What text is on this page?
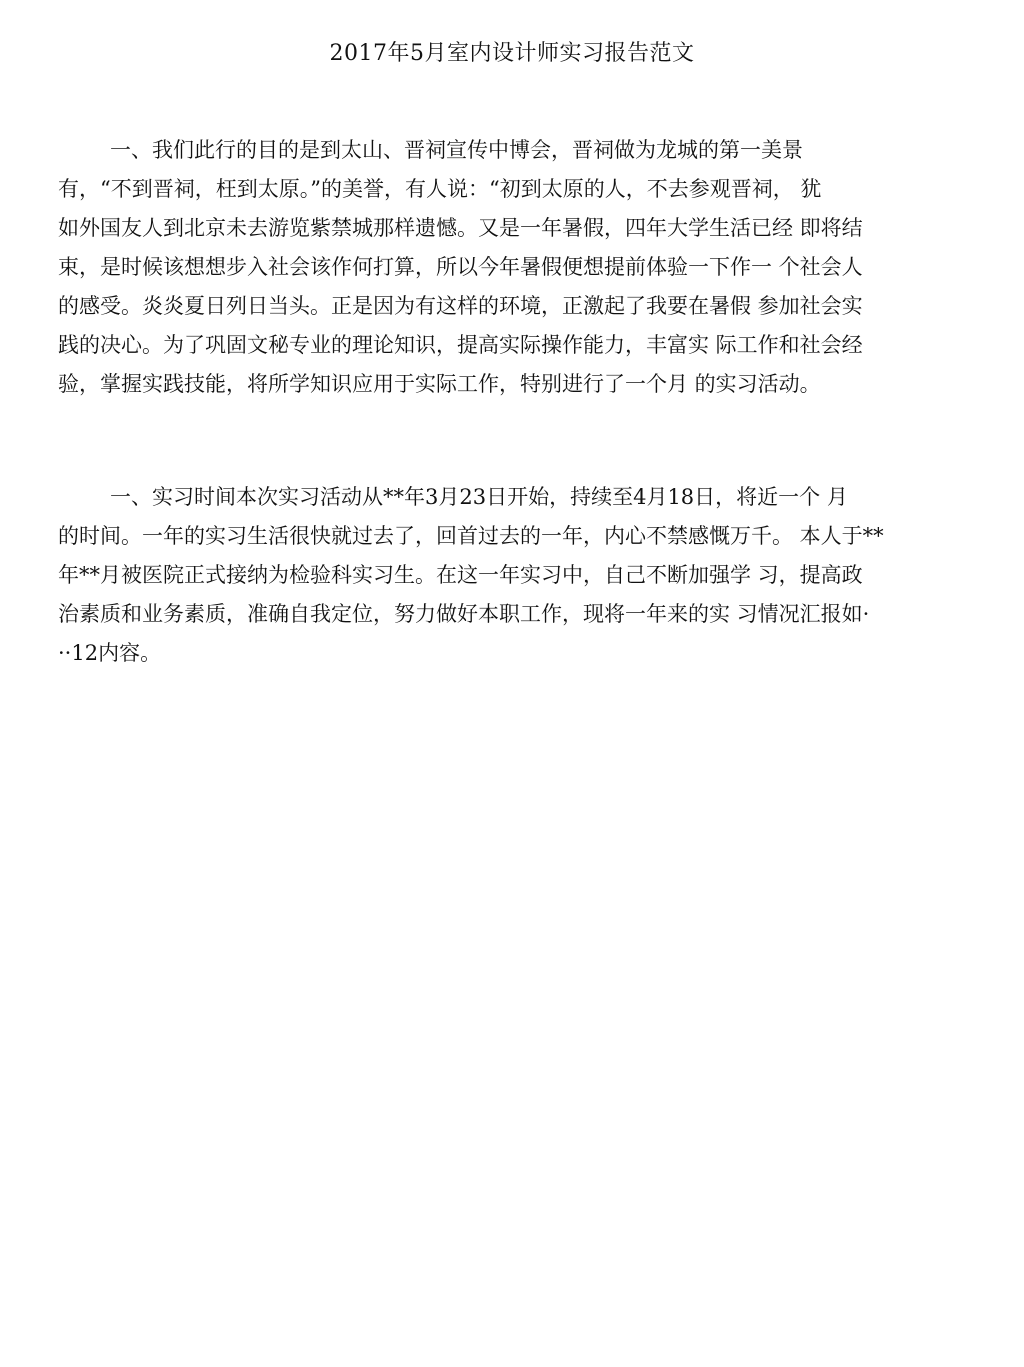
2017年5月室内设计师实习报告范文
一、我们此行的目的是到太山、晋祠宣传中博会，晋祠做为龙城的第一美景
有，“不到晋祠，枉到太原。”的美誉，有人说：“初到太原的人，不去参观晋祠， 犹
如外国友人到北京未去游览紫禁城那样遗憾。又是一年暑假，四年大学生活已经 即将结
束，是时候该想想步入社会该作何打算，所以今年暑假便想提前体验一下作一 个社会人
的感受。炎炎夏日列日当头。正是因为有这样的环境，正激起了我要在暑假 参加社会实
践的决心。为了巩固文秘专业的理论知识，提高实际操作能力，丰富实 际工作和社会经
验，掌握实践技能，将所学知识应用于实际工作，特别进行了一个月 的实习活动。
一、实习时间本次实习活动从**年3月23日开始，持续至4月18日，将近一个 月
的时间。一年的实习生活很快就过去了，回首过去的一年，内心不禁感慨万千。 本人于**
年**月被医院正式接纳为检验科实习生。在这一年实习中，自己不断加强学 习，提高政
治素质和业务素质，准确自我定位，努力做好本职工作，现将一年来的实 习情况汇报如·
··12内容。
